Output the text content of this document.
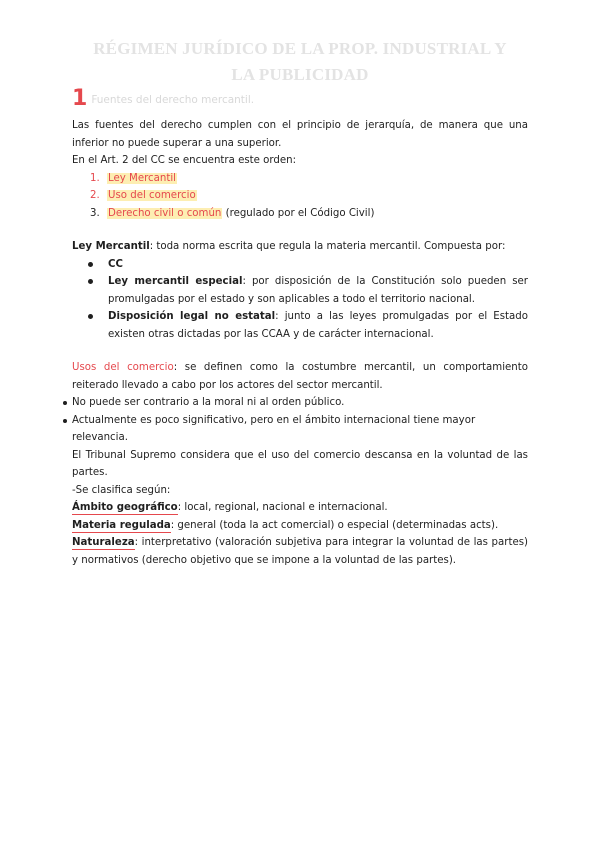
RÉGIMEN JURÍDICO DE LA PROP. INDUSTRIAL Y LA PUBLICIDAD
1 Fuentes del derecho mercantil.
Las fuentes del derecho cumplen con el principio de jerarquía, de manera que una inferior no puede superar a una superior.
En el Art. 2 del CC se encuentra este orden:
1. Ley Mercantil
2. Uso del comercio
3. Derecho civil o común (regulado por el Código Civil)
Ley Mercantil: toda norma escrita que regula la materia mercantil. Compuesta por:
CC
Ley mercantil especial: por disposición de la Constitución solo pueden ser promulgadas por el estado y son aplicables a todo el territorio nacional.
Disposición legal no estatal: junto a las leyes promulgadas por el Estado existen otras dictadas por las CCAA y de carácter internacional.
Usos del comercio: se definen como la costumbre mercantil, un comportamiento reiterado llevado a cabo por los actores del sector mercantil.
No puede ser contrario a la moral ni al orden público.
Actualmente es poco significativo, pero en el ámbito internacional tiene mayor relevancia.
El Tribunal Supremo considera que el uso del comercio descansa en la voluntad de las partes.
-Se clasifica según:
Ámbito geográfico: local, regional, nacional e internacional.
Materia regulada: general (toda la act comercial) o especial (determinadas acts).
Naturaleza: interpretativo (valoración subjetiva para integrar la voluntad de las partes) y normativos (derecho objetivo que se impone a la voluntad de las partes).
